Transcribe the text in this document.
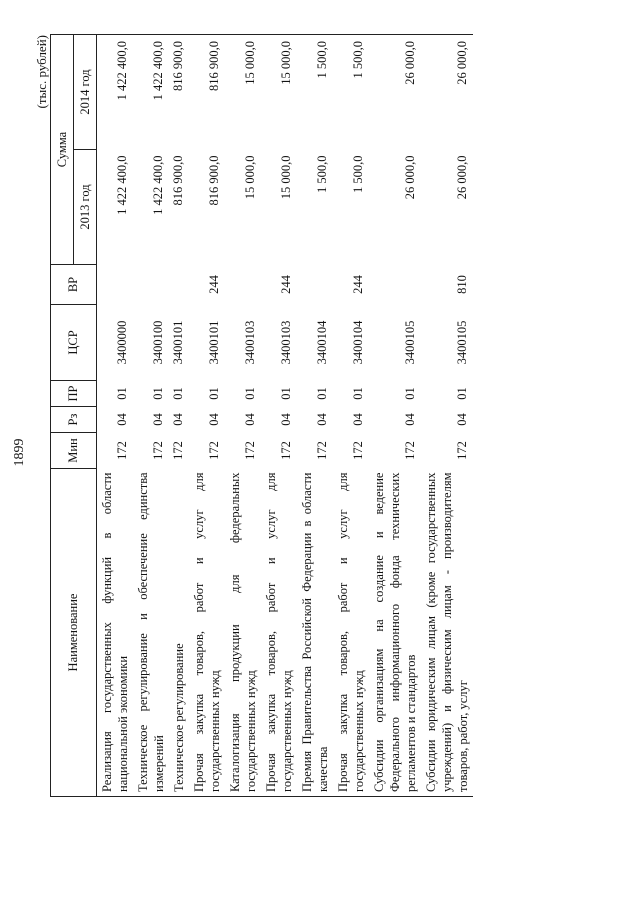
1899
(тыс. рублей)
Наименование	Мин	Рз	ПР	ЦСР	ВР	Сумма	
						2013 год	2014 год
Реализация государственных функций в области национальной экономики	172	04	01	3400000		1 422 400,0	1 422 400,0
Техническое регулирование и обеспечение единства измерений	172	04	01	3400100		1 422 400,0	1 422 400,0
Техническое регулирование	172	04	01	3400101		816 900,0	816 900,0
Прочая закупка товаров, работ и услуг для государственных нужд	172	04	01	3400101	244	816 900,0	816 900,0
Каталогизация продукции для федеральных государственных нужд	172	04	01	3400103		15 000,0	15 000,0
Прочая закупка товаров, работ и услуг для государственных нужд	172	04	01	3400103	244	15 000,0	15 000,0
Премия Правительства Российской Федерации в области качества	172	04	01	3400104		1 500,0	1 500,0
Прочая закупка товаров, работ и услуг для государственных нужд	172	04	01	3400104	244	1 500,0	1 500,0
Субсидии организациям на создание и ведение Федерального информационного фонда технических регламентов и стандартов	172	04	01	3400105		26 000,0	26 000,0
Субсидии юридическим лицам (кроме государственных учреждений) и физическим лицам - производителям товаров, работ, услуг	172	04	01	3400105	810	26 000,0	26 000,0
